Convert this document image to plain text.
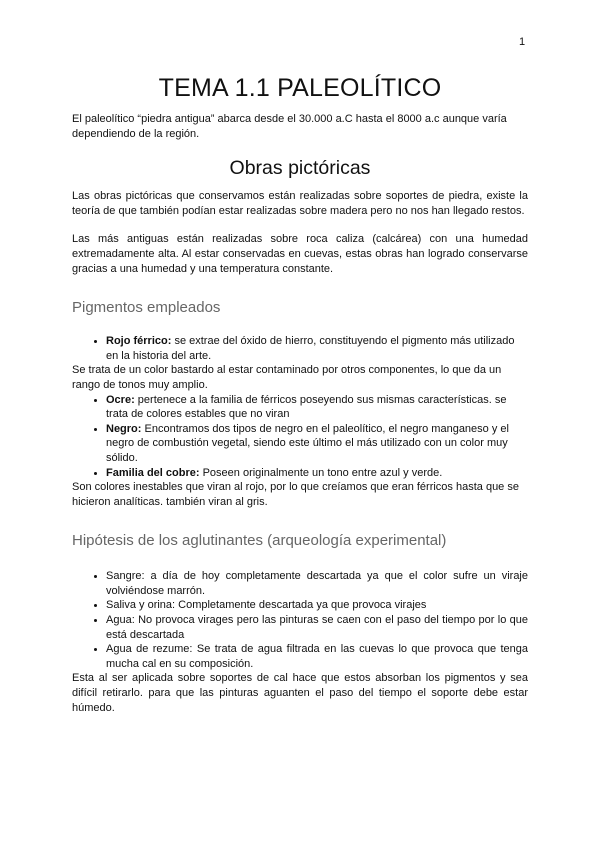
1
TEMA 1.1 PALEOLÍTICO

El paleolítico “piedra antigua” abarca desde el 30.000 a.C hasta el 8000 a.c aunque varía dependiendo de la región.

Obras pictóricas

Las obras pictóricas que conservamos están realizadas sobre soportes de piedra, existe la teoría de que también podían estar realizadas sobre madera pero no nos han llegado restos.

Las más antiguas están realizadas sobre roca caliza (calcárea) con una humedad extremadamente alta. Al estar conservadas en cuevas, estas obras han logrado conservarse gracias a una humedad y una temperatura constante.

Pigmentos empleados
• Rojo férrico: se extrae del óxido de hierro, constituyendo el pigmento más utilizado en la historia del arte.

Se trata de un color bastardo al estar contaminado por otros componentes, lo que da un rango de tonos muy amplio.

• Ocre: pertenece a la familia de férricos poseyendo sus mismas características. se trata de colores estables que no viran
• Negro: Encontramos dos tipos de negro en el paleolítico, el negro manganeso y el negro de combustión vegetal, siendo este último el más utilizado con un color muy sólido.
• Familia del cobre: Poseen originalmente un tono entre azul y verde.

Son colores inestables que viran al rojo, por lo que creíamos que eran férricos hasta que se hicieron analíticas. también viran al gris.

Hipótesis de los aglutinantes (arqueología experimental)
• Sangre: a día de hoy completamente descartada ya que el color sufre un viraje volviéndose marrón.
• Saliva y orina: Completamente descartada ya que provoca virajes
• Agua: No provoca virages pero las pinturas se caen con el paso del tiempo por lo que está descartada
• Agua de rezume: Se trata de agua filtrada en las cuevas lo que provoca que tenga mucha cal en su composición.

Esta al ser aplicada sobre soportes de cal hace que estos absorban los pigmentos y sea difícil retirarlo. para que las pinturas aguanten el paso del tiempo el soporte debe estar húmedo.
